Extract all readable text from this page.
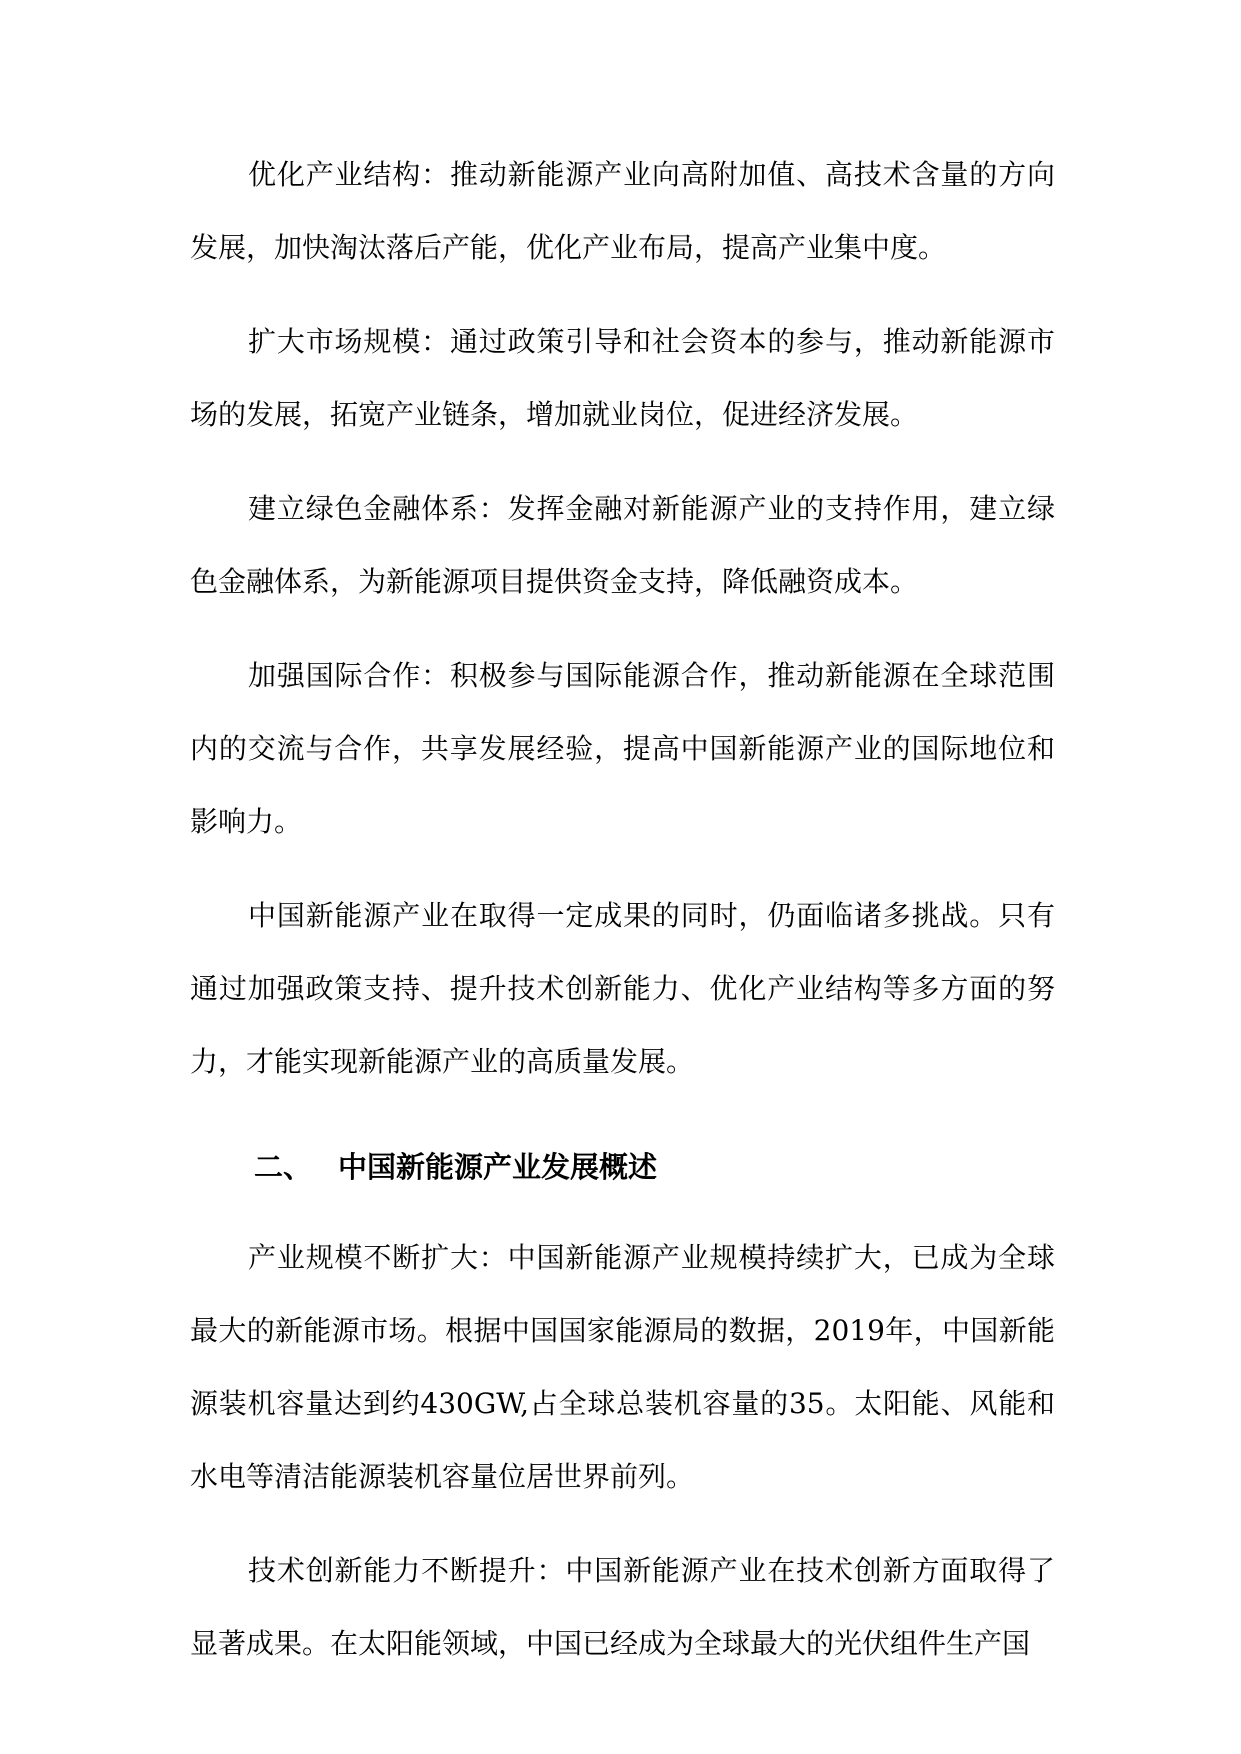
优化产业结构：推动新能源产业向高附加值、高技术含量的方向发展，加快淘汰落后产能，优化产业布局，提高产业集中度。

扩大市场规模：通过政策引导和社会资本的参与，推动新能源市场的发展，拓宽产业链条，增加就业岗位，促进经济发展。

建立绿色金融体系：发挥金融对新能源产业的支持作用，建立绿色金融体系，为新能源项目提供资金支持，降低融资成本。

加强国际合作：积极参与国际能源合作，推动新能源在全球范围内的交流与合作，共享发展经验，提高中国新能源产业的国际地位和影响力。

中国新能源产业在取得一定成果的同时，仍面临诸多挑战。只有通过加强政策支持、提升技术创新能力、优化产业结构等多方面的努力，才能实现新能源产业的高质量发展。

二、 中国新能源产业发展概述

产业规模不断扩大：中国新能源产业规模持续扩大，已成为全球最大的新能源市场。根据中国国家能源局的数据，2019年，中国新能源装机容量达到约430GW,占全球总装机容量的35。太阳能、风能和水电等清洁能源装机容量位居世界前列。

技术创新能力不断提升：中国新能源产业在技术创新方面取得了显著成果。在太阳能领域，中国已经成为全球最大的光伏组件生产国
